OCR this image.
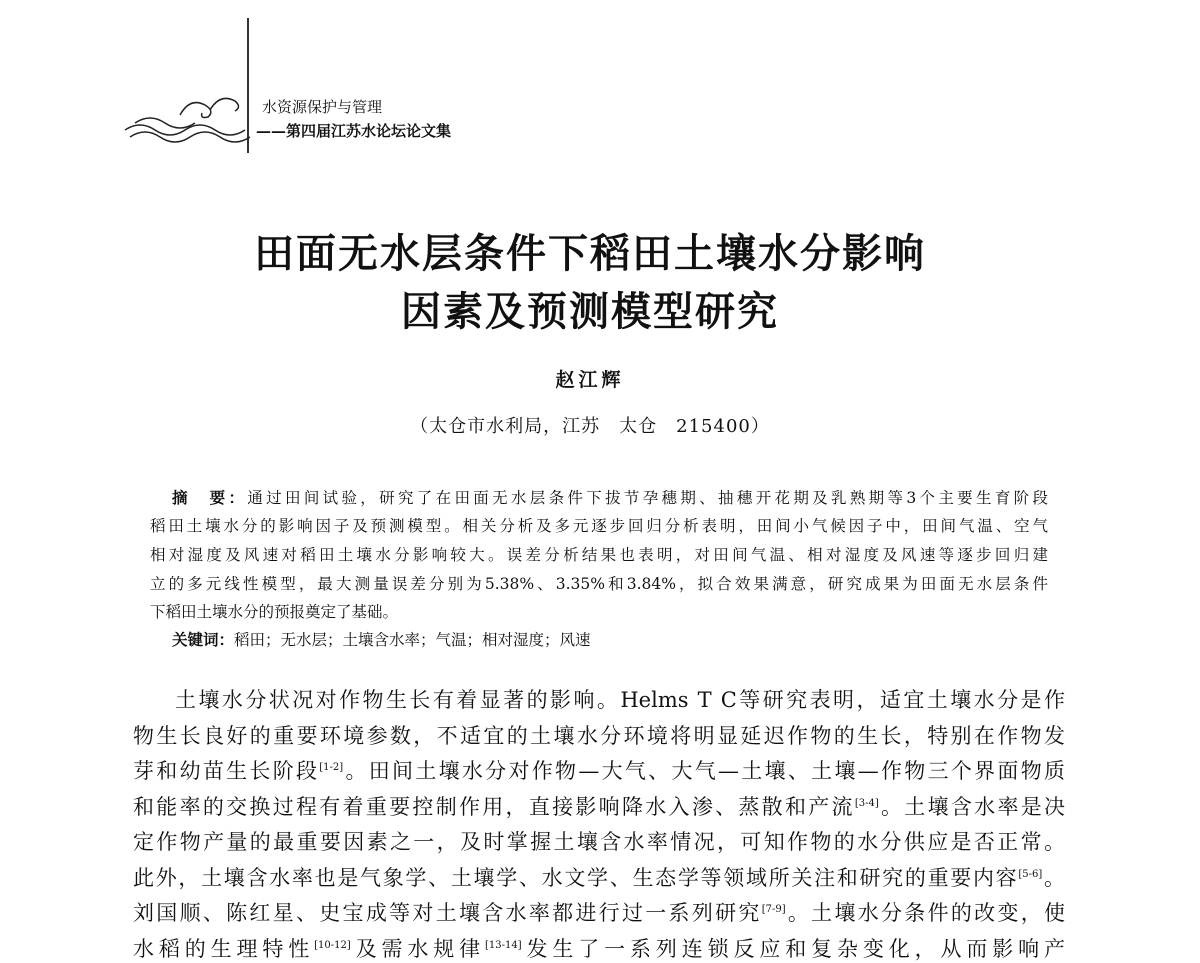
水资源保护与管理
——第四届江苏水论坛论文集
田面无水层条件下稻田土壤水分影响
因素及预测模型研究
赵江辉
（太仓市水利局，江苏　太仓　215400）
摘　要：通过田间试验，研究了在田面无水层条件下拔节孕穗期、抽穗开花期及乳熟期等3个主要生育阶段
稻田土壤水分的影响因子及预测模型。相关分析及多元逐步回归分析表明，田间小气候因子中，田间气温、空气
相对湿度及风速对稻田土壤水分影响较大。误差分析结果也表明，对田间气温、相对湿度及风速等逐步回归建
立的多元线性模型，最大测量误差分别为5.38%、3.35%和3.84%，拟合效果满意，研究成果为田面无水层条件
下稻田土壤水分的预报奠定了基础。
关键词：稻田；无水层；土壤含水率；气温；相对湿度；风速
土壤水分状况对作物生长有着显著的影响。Helms T C等研究表明，适宜土壤水分是作
物生长良好的重要环境参数，不适宜的土壤水分环境将明显延迟作物的生长，特别在作物发
芽和幼苗生长阶段[1-2]。田间土壤水分对作物—大气、大气—土壤、土壤—作物三个界面物质
和能率的交换过程有着重要控制作用，直接影响降水入渗、蒸散和产流[3-4]。土壤含水率是决
定作物产量的最重要因素之一，及时掌握土壤含水率情况，可知作物的水分供应是否正常。
此外，土壤含水率也是气象学、土壤学、水文学、生态学等领域所关注和研究的重要内容[5-6]。
刘国顺、陈红星、史宝成等对土壤含水率都进行过一系列研究[7-9]。土壤水分条件的改变，使
水稻的生理特性[10-12]及需水规律[13-14]发生了一系列连锁反应和复杂变化，从而影响产
